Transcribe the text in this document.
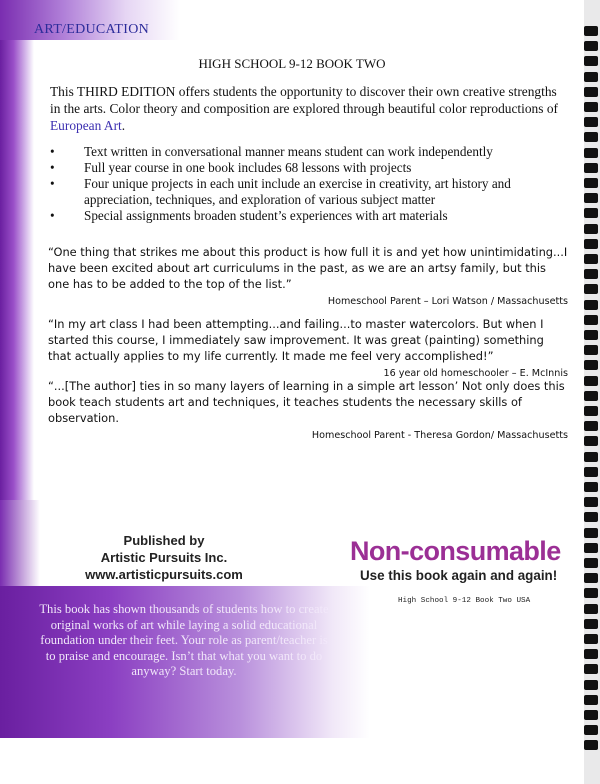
ART/EDUCATION
HIGH SCHOOL 9-12 BOOK TWO
This THIRD EDITION offers students the opportunity to discover their own creative strengths in the arts. Color theory and composition are explored through beautiful color reproductions of European Art.
• Text written in conversational manner means student can work independently
• Full year course in one book includes 68 lessons with projects
• Four unique projects in each unit include an exercise in creativity, art history and appreciation, techniques, and exploration of various subject matter
• Special assignments broaden student’s experiences with art materials
“One thing that strikes me about this product is how full it is and yet how unintimidating...I have been excited about art curriculums in the past, as we are an artsy family, but this one has to be added to the top of the list.”
Homeschool Parent – Lori Watson / Massachusetts
“In my art class I had been attempting...and failing...to master watercolors. But when I started this course, I immediately saw improvement. It was great (painting) something that actually applies to my life currently. It made me feel very accomplished!”
16 year old homeschooler – E. McInnis
“...[The author] ties in so many layers of learning in a simple art lesson’ Not only does this book teach students art and techniques, it teaches students the necessary skills of observation.
Homeschool Parent - Theresa Gordon/ Massachusetts
Published by
Artistic Pursuits Inc.
www.artisticpursuits.com
Non-consumable
Use this book again and again!
High School 9-12 Book Two USA
This book has shown thousands of students how to create original works of art while laying a solid educational foundation under their feet. Your role as parent/teacher is to praise and encourage. Isn’t that what you want to do anyway? Start today.
